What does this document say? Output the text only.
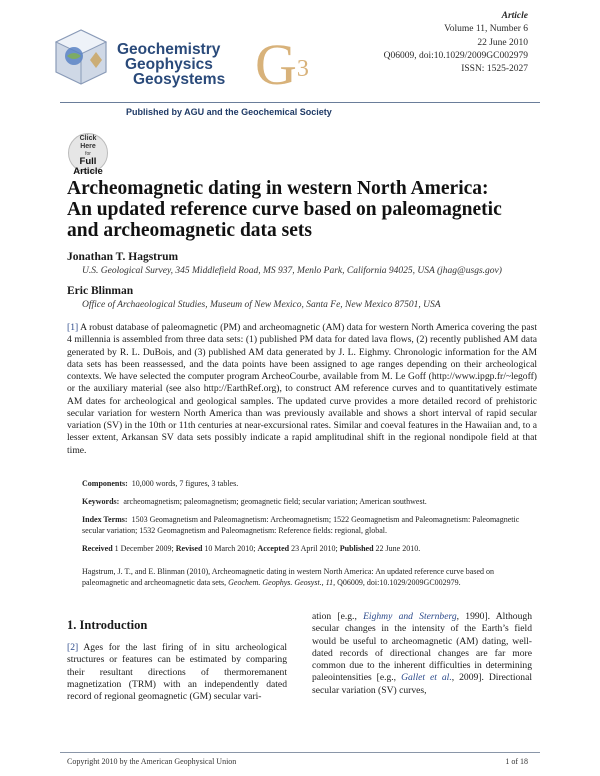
Geochemistry
Geophysics
Geosystems $G^3$
Published by AGU and the Geochemical Society
Article
Volume 11, Number 6
22 June 2010
Q06009, doi:10.1029/2009GC002979
ISSN: 1525-2027
Click
Here
for
Full
Article
Archeomagnetic dating in western North America:
An updated reference curve based on paleomagnetic
and archeomagnetic data sets
Jonathan T. Hagstrum
U.S. Geological Survey, 345 Middlefield Road, MS 937, Menlo Park, California 94025, USA (jhag@usgs.gov)
Eric Blinman
Office of Archaeological Studies, Museum of New Mexico, Santa Fe, New Mexico 87501, USA
[1] A robust database of paleomagnetic (PM) and archeomagnetic (AM) data for western North America covering the past 4 millennia is assembled from three data sets: (1) published PM data for dated lava flows, (2) recently published AM data generated by R. L. DuBois, and (3) published AM data generated by J. L. Eighmy. Chronologic information for the AM data sets has been reassessed, and the data points have been assigned to age ranges depending on their archeological contexts. We have selected the computer program ArcheoCourbe, available from M. Le Goff (http://www.ipgp.fr/~legoff) or the auxiliary material (see also http://EarthRef.org), to construct AM reference curves and to quantitatively estimate AM dates for archeological and geological samples. The updated curve provides a more detailed record of prehistoric secular variation for western North America than was previously available and shows a short interval of rapid secular variation (SV) in the 10th or 11th centuries at near-excursional rates. Similar and coeval features in the Hawaiian and, to a lesser extent, Arkansan SV data sets possibly indicate a rapid amplitudinal shift in the regional nondipole field at that time.
Components: 10,000 words, 7 figures, 3 tables.
Keywords: archeomagnetism; paleomagnetism; geomagnetic field; secular variation; American southwest.
Index Terms: 1503 Geomagnetism and Paleomagnetism: Archeomagnetism; 1522 Geomagnetism and Paleomagnetism: Paleomagnetic secular variation; 1532 Geomagnetism and Paleomagnetism: Reference fields: regional, global.
Received 1 December 2009; Revised 10 March 2010; Accepted 23 April 2010; Published 22 June 2010.
Hagstrum, J. T., and E. Blinman (2010), Archeomagnetic dating in western North America: An updated reference curve based on paleomagnetic and archeomagnetic data sets, Geochem. Geophys. Geosyst., 11, Q06009, doi:10.1029/2009GC002979.
1. Introduction
[2] Ages for the last firing of in situ archeological structures or features can be estimated by comparing their resultant directions of thermoremanent magnetization (TRM) with an independently dated record of regional geomagnetic (GM) secular vari-
ation [e.g., Eighmy and Sternberg, 1990]. Although secular changes in the intensity of the Earth’s field would be useful to archeomagnetic (AM) dating, well-dated records of directional changes are far more common due to the inherent difficulties in determining paleointensities [e.g., Gallet et al., 2009]. Directional secular variation (SV) curves,
Copyright 2010 by the American Geophysical Union	1 of 18
